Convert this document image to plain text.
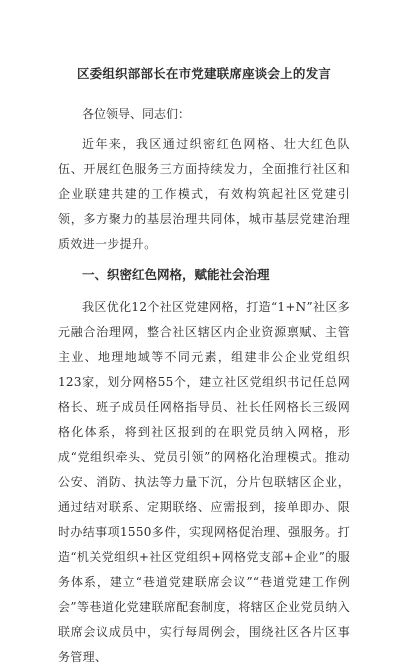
区委组织部部长在市党建联席座谈会上的发言

各位领导、同志们：

近年来，我区通过织密红色网格、壮大红色队伍、开展红色服务三方面持续发力，全面推行社区和企业联建共建的工作模式，有效构筑起社区党建引领，多方聚力的基层治理共同体，城市基层党建治理质效进一步提升。

一、织密红色网格，赋能社会治理

我区优化12个社区党建网格，打造“1+N”社区多元融合治理网，整合社区辖区内企业资源禀赋、主管主业、地理地域等不同元素，组建非公企业党组织123家，划分网格55个，建立社区党组织书记任总网格长、班子成员任网格指导员、社长任网格长三级网格化体系，将到社区报到的在职党员纳入网格，形成“党组织牵头、党员引领”的网格化治理模式。推动公安、消防、执法等力量下沉，分片包联辖区企业，通过结对联系、定期联络、应需报到，接单即办、限时办结事项1550多件，实现网格促治理、强服务。打造“机关党组织+社区党组织+网格党支部+企业”的服务体系，建立“巷道党建联席会议”“巷道党建工作例会”等巷道化党建联席配套制度，将辖区企业党员纳入联席会议成员中，实行每周例会，围绕社区各片区事务管理、
